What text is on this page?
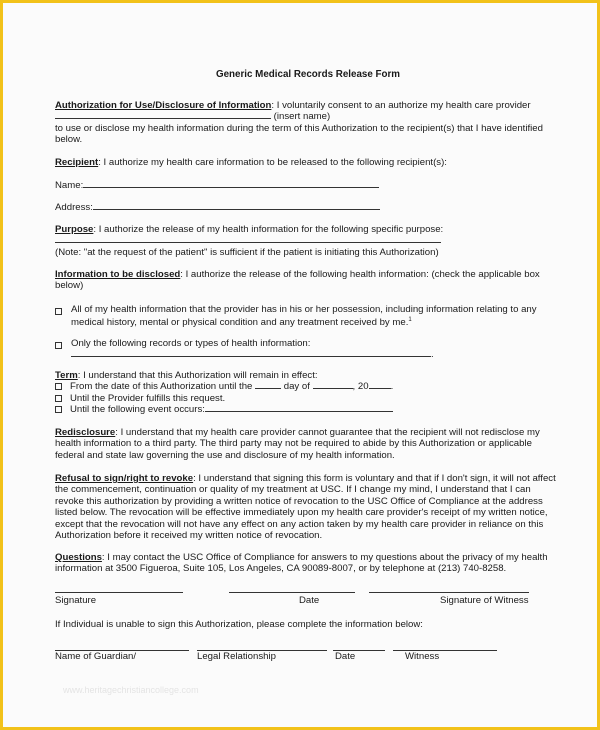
Generic Medical Records Release Form
Authorization for Use/Disclosure of Information: I voluntarily consent to an authorize my health care provider
(insert name)
to use or disclose my health information during the term of this Authorization to the recipient(s) that I have identified below.
Recipient: I authorize my health care information to be released to the following recipient(s):
Name:
Address:
Purpose: I authorize the release of my health information for the following specific purpose:

(Note: "at the request of the patient" is sufficient if the patient is initiating this Authorization)
Information to be disclosed: I authorize the release of the following health information: (check the applicable box below)
All of my health information that the provider has in his or her possession, including information relating to any medical history, mental or physical condition and any treatment received by me.$^1$
Only the following records or types of health information:
.
Term: I understand that this Authorization will remain in effect:
From the date of this Authorization until the	day of	, 20 .
Until the Provider fulfills this request.
Until the following event occurs:
Redisclosure: I understand that my health care provider cannot guarantee that the recipient will not redisclose my health information to a third party. The third party may not be required to abide by this Authorization or applicable federal and state law governing the use and disclosure of my health information.
Refusal to sign/right to revoke: I understand that signing this form is voluntary and that if I don't sign, it will not affect the commencement, continuation or quality of my treatment at USC. If I change my mind, I understand that I can revoke this authorization by providing a written notice of revocation to the USC Office of Compliance at the address listed below. The revocation will be effective immediately upon my health care provider's receipt of my written notice, except that the revocation will not have any effect on any action taken by my health care provider in reliance on this Authorization before it received my written notice of revocation.
Questions: I may contact the USC Office of Compliance for answers to my questions about the privacy of my health information at 3500 Figueroa, Suite 105, Los Angeles, CA 90089-8007, or by telephone at (213) 740-8258.
Signature	Date	Signature of Witness
If Individual is unable to sign this Authorization, please complete the information below:
Name of Guardian/	Legal Relationship	Date	Witness
www.heritagechristiancollege.com
